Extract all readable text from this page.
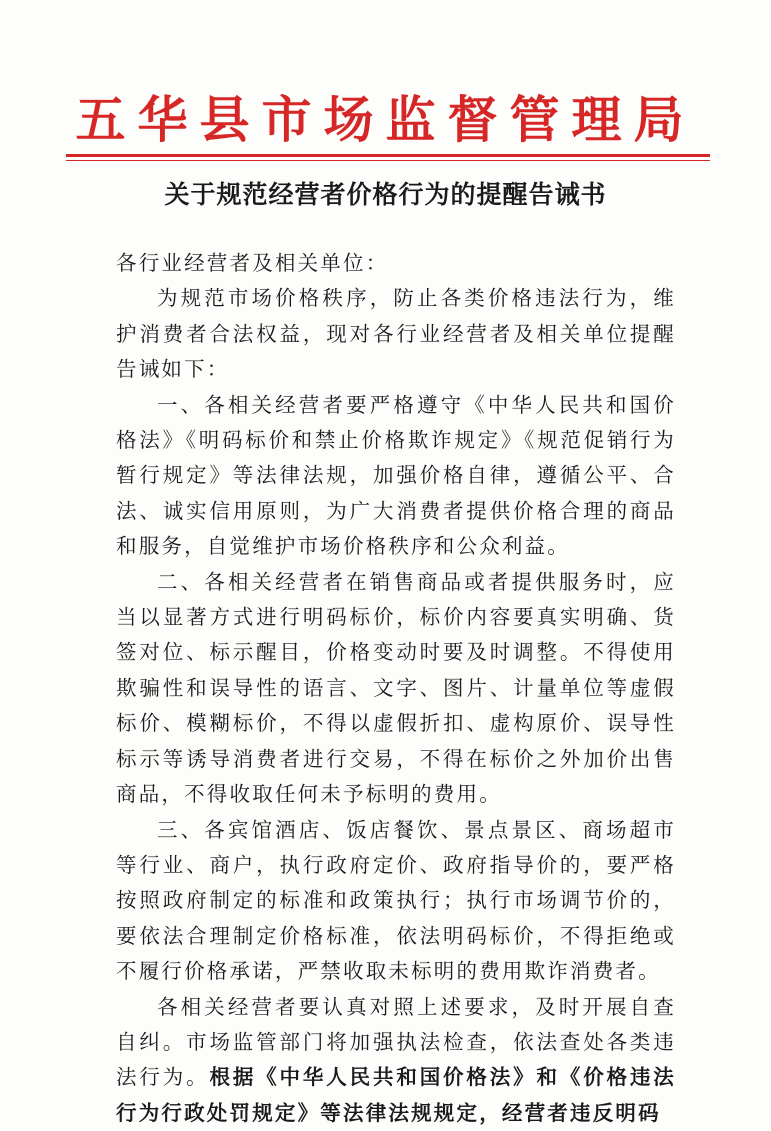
五华县市场监督管理局
关于规范经营者价格行为的提醒告诫书

各行业经营者及相关单位：

为规范市场价格秩序，防止各类价格违法行为，维护消费者合法权益，现对各行业经营者及相关单位提醒告诫如下：

一、各相关经营者要严格遵守《中华人民共和国价格法》《明码标价和禁止价格欺诈规定》《规范促销行为暂行规定》等法律法规，加强价格自律，遵循公平、合法、诚实信用原则，为广大消费者提供价格合理的商品和服务，自觉维护市场价格秩序和公众利益。

二、各相关经营者在销售商品或者提供服务时，应当以显著方式进行明码标价，标价内容要真实明确、货签对位、标示醒目，价格变动时要及时调整。不得使用欺骗性和误导性的语言、文字、图片、计量单位等虚假标价、模糊标价，不得以虚假折扣、虚构原价、误导性标示等诱导消费者进行交易，不得在标价之外加价出售商品，不得收取任何未予标明的费用。

三、各宾馆酒店、饭店餐饮、景点景区、商场超市等行业、商户，执行政府定价、政府指导价的，要严格按照政府制定的标准和政策执行；执行市场调节价的，要依法合理制定价格标准，依法明码标价，不得拒绝或不履行价格承诺，严禁收取未标明的费用欺诈消费者。

各相关经营者要认真对照上述要求，及时开展自查自纠。市场监管部门将加强执法检查，依法查处各类违法行为。根据《中华人民共和国价格法》和《价格违法行为行政处罚规定》等法律法规规定，经营者违反明码
